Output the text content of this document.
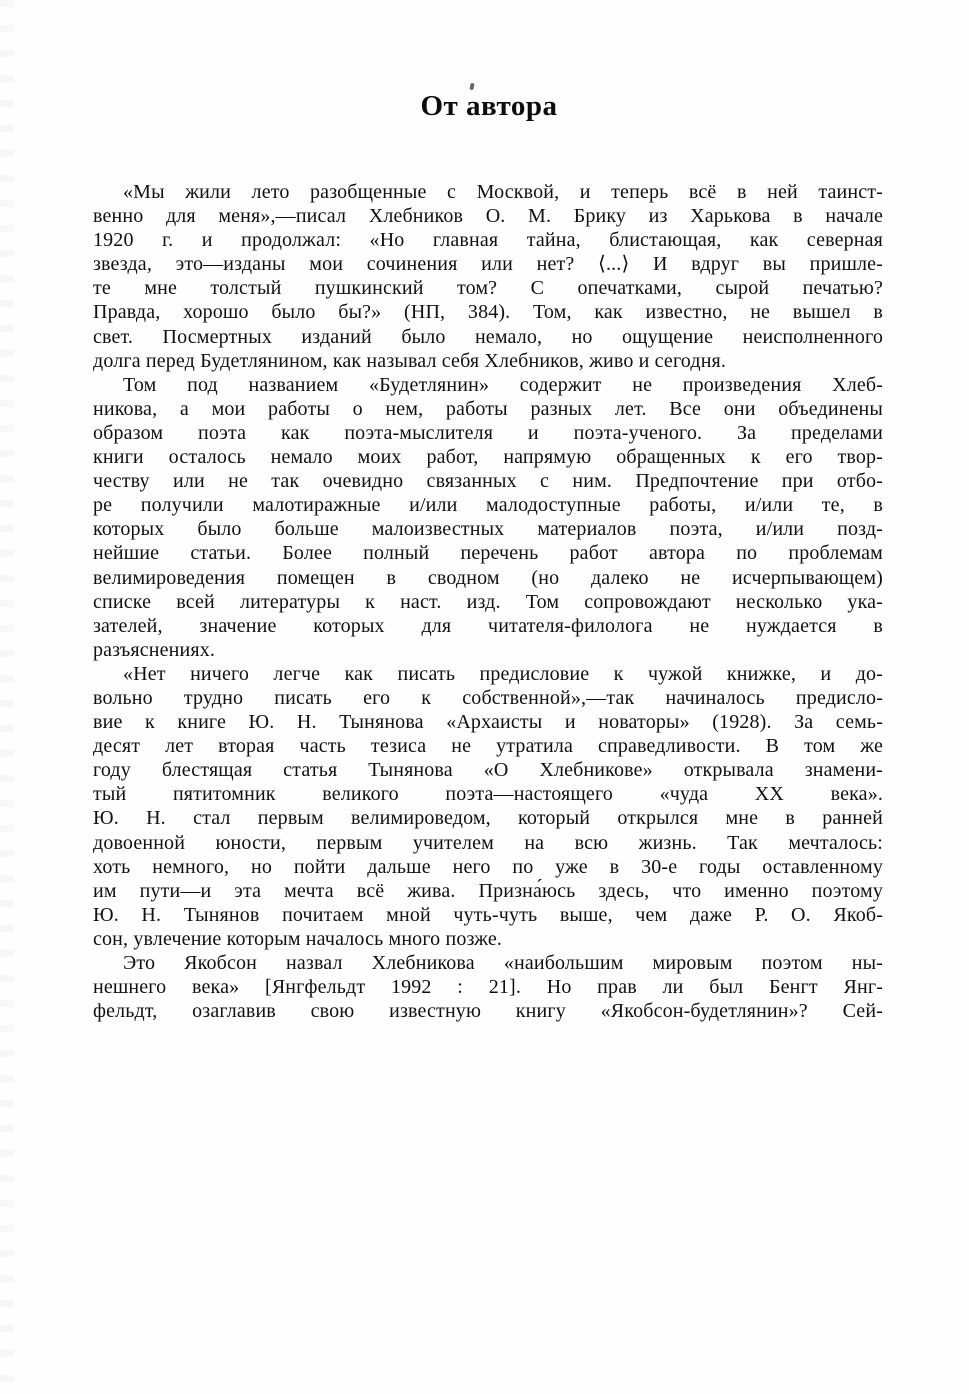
От автора
«Мы жили лето разобщенные с Москвой, и теперь всё в ней таинст-
венно для меня»,—писал Хлебников О. М. Брику из Харькова в начале
1920 г. и продолжал: «Но главная тайна, блистающая, как северная
звезда, это—изданы мои сочинения или нет? ⟨...⟩ И вдруг вы пришле-
те мне толстый пушкинский том? С опечатками, сырой печатью?
Правда, хорошо было бы?» (НП, 384). Том, как известно, не вышел в
свет. Посмертных изданий было немало, но ощущение неисполненного
долга перед Будетлянином, как называл себя Хлебников, живо и сегодня.
Том под названием «Будетлянин» содержит не произведения Хлеб-
никова, а мои работы о нем, работы разных лет. Все они объединены
образом поэта как поэта-мыслителя и поэта-ученого. За пределами
книги осталось немало моих работ, напрямую обращенных к его твор-
честву или не так очевидно связанных с ним. Предпочтение при отбо-
ре получили малотиражные и/или малодоступные работы, и/или те, в
которых было больше малоизвестных материалов поэта, и/или позд-
нейшие статьи. Более полный перечень работ автора по проблемам
велимироведения помещен в сводном (но далеко не исчерпывающем)
списке всей литературы к наст. изд. Том сопровождают несколько ука-
зателей, значение которых для читателя-филолога не нуждается в
разъяснениях.
«Нет ничего легче как писать предисловие к чужой книжке, и до-
вольно трудно писать его к собственной»,—так начиналось предисло-
вие к книге Ю. Н. Тынянова «Архаисты и новаторы» (1928). За семь-
десят лет вторая часть тезиса не утратила справедливости. В том же
году блестящая статья Тынянова «О Хлебникове» открывала знамени-
тый пятитомник великого поэта—настоящего «чуда XX века».
Ю. Н. стал первым велимироведом, который открылся мне в ранней
довоенной юности, первым учителем на всю жизнь. Так мечталось:
хоть немного, но пойти дальше него по уже в 30-е годы оставленному
им пути—и эта мечта всё жива. Призна́юсь здесь, что именно поэтому
Ю. Н. Тынянов почитаем мной чуть-чуть выше, чем даже Р. О. Якоб-
сон, увлечение которым началось много позже.
Это Якобсон назвал Хлебникова «наибольшим мировым поэтом ны-
нешнего века» [Янгфельдт 1992 : 21]. Но прав ли был Бенгт Янг-
фельдт, озаглавив свою известную книгу «Якобсон-будетлянин»? Сей-
